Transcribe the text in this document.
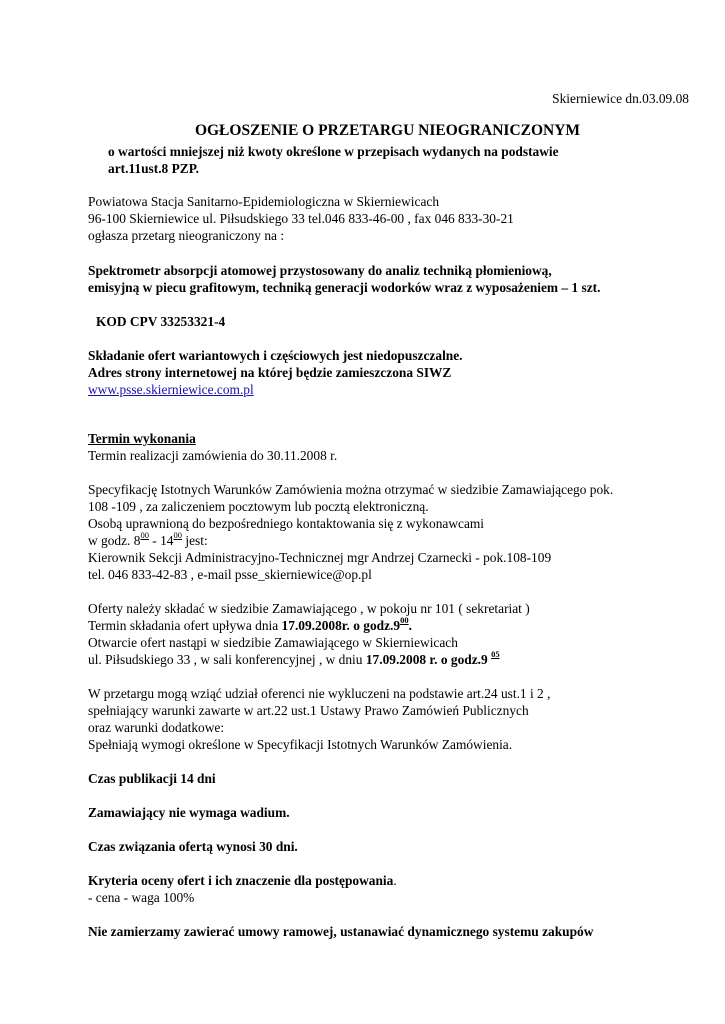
Skierniewice dn.03.09.08
OGŁOSZENIE O PRZETARGU NIEOGRANICZONYM
o wartości mniejszej niż kwoty określone w przepisach wydanych na podstawie
art.11ust.8 PZP.
Powiatowa Stacja Sanitarno-Epidemiologiczna w Skierniewicach
96-100 Skierniewice ul. Piłsudskiego 33 tel.046 833-46-00 , fax 046 833-30-21
ogłasza przetarg nieograniczony na :
Spektrometr absorpcji atomowej przystosowany do analiz techniką płomieniową,
emisyjną w piecu grafitowym, techniką generacji wodorków wraz z wyposażeniem – 1 szt.
KOD CPV 33253321-4
Składanie ofert wariantowych i częściowych jest niedopuszczalne.
Adres strony internetowej na której będzie zamieszczona SIWZ
www.psse.skierniewice.com.pl
Termin wykonania
Termin realizacji zamówienia do 30.11.2008 r.
Specyfikację Istotnych Warunków Zamówienia można otrzymać w siedzibie Zamawiającego pok.
108 -109 , za zaliczeniem pocztowym lub pocztą elektroniczną.
Osobą uprawnioną do bezpośredniego kontaktowania się z wykonawcami
w godz. $8^{00} - 14^{00}$ jest:
Kierownik Sekcji Administracyjno-Technicznej mgr Andrzej Czarnecki - pok.108-109
tel. 046 833-42-83 , e-mail psse_skierniewice@op.pl
Oferty należy składać w siedzibie Zamawiającego , w pokoju nr 101 ( sekretariat )
Termin składania ofert upływa dnia 17.09.2008r. o $godz.9^{00}$.
Otwarcie ofert nastąpi w siedzibie Zamawiającego w Skierniewicach
ul. Piłsudskiego 33 , w sali konferencyjnej , w dniu 17.09.2008 r. o godz.9 $^{05}$
W przetargu mogą wziąć udział oferenci nie wykluczeni na podstawie art.24 ust.1 i 2 ,
spełniający warunki zawarte w art.22 ust.1 Ustawy Prawo Zamówień Publicznych
oraz warunki dodatkowe:
Spełniają wymogi określone w Specyfikacji Istotnych Warunków Zamówienia.
Czas publikacji 14 dni
Zamawiający nie wymaga wadium.
Czas związania ofertą wynosi 30 dni.
Kryteria oceny ofert i ich znaczenie dla postępowania.
- cena - waga 100%
Nie zamierzamy zawierać umowy ramowej, ustanawiać dynamicznego systemu zakupów
